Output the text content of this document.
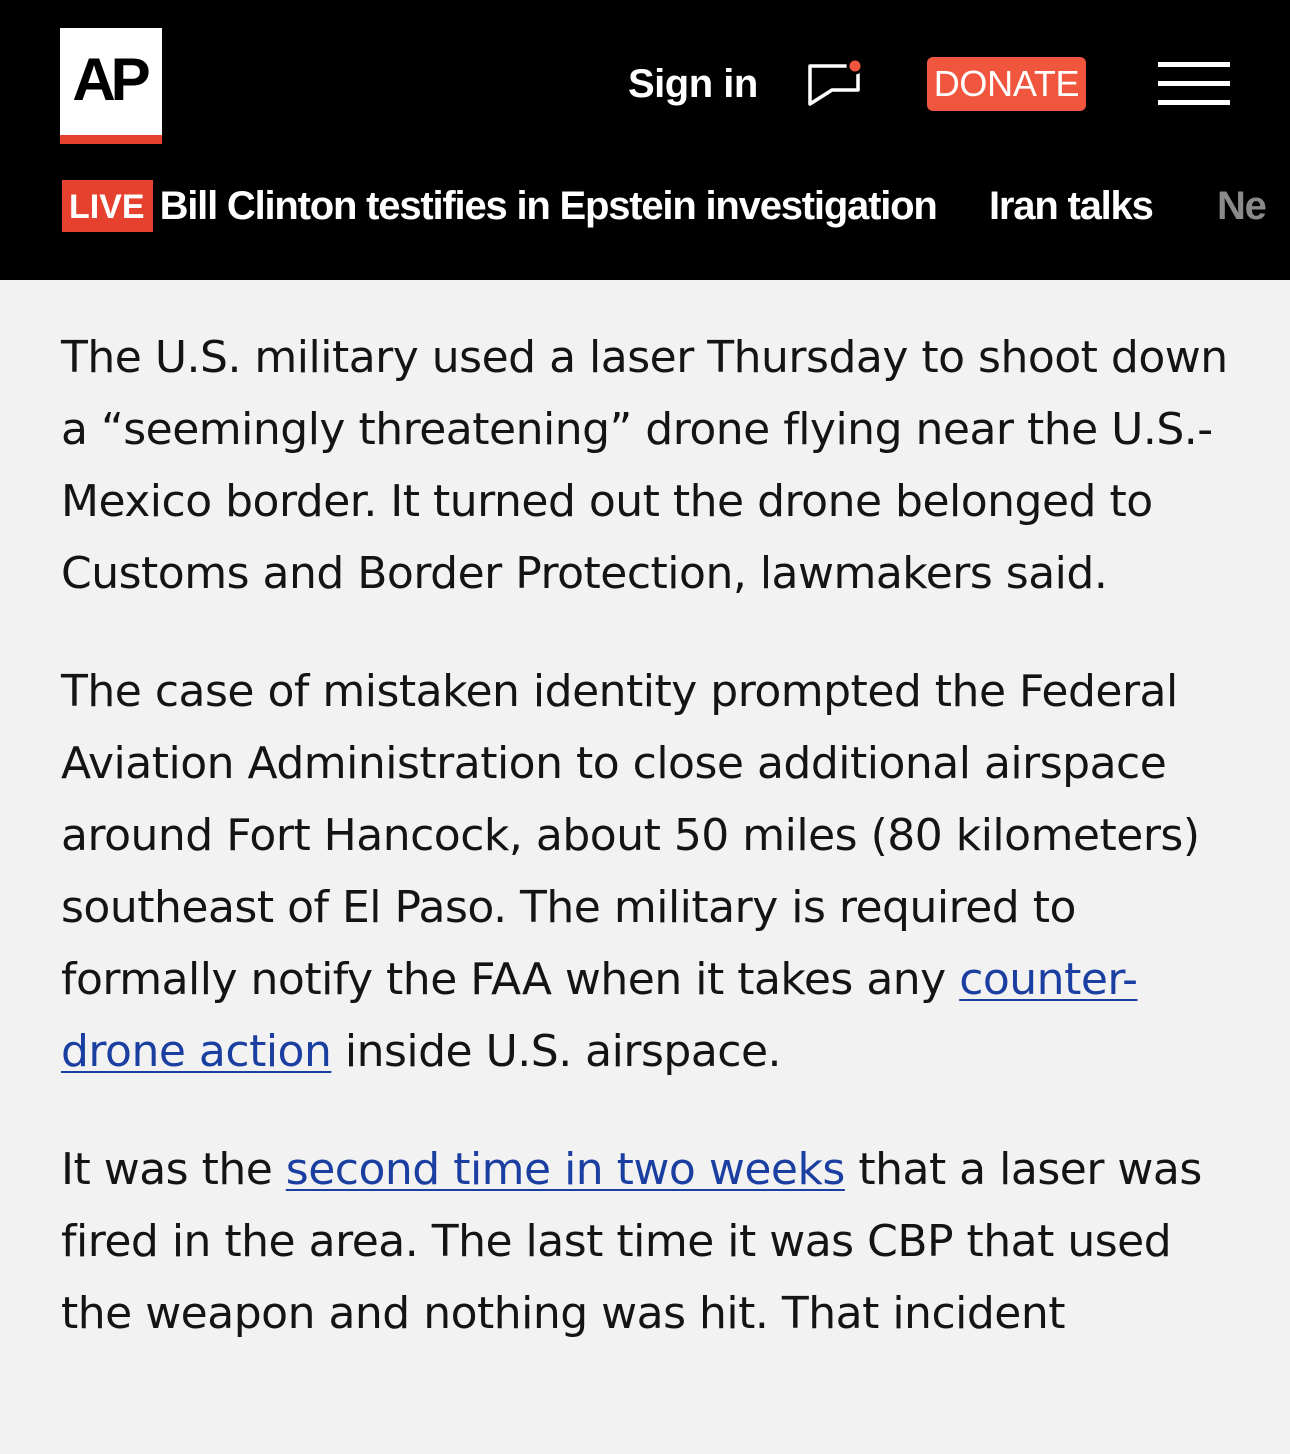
AP	Sign in	DONATE
LIVE Bill Clinton testifies in Epstein investigation Iran talks Ne

The U.S. military used a laser Thursday to shoot down a “seemingly threatening” drone flying near the U.S.-Mexico border. It turned out the drone belonged to Customs and Border Protection, lawmakers said.

The case of mistaken identity prompted the Federal Aviation Administration to close additional airspace around Fort Hancock, about 50 miles (80 kilometers) southeast of El Paso. The military is required to formally notify the FAA when it takes any counter-drone action inside U.S. airspace.

It was the second time in two weeks that a laser was fired in the area. The last time it was CBP that used the weapon and nothing was hit. That incident
